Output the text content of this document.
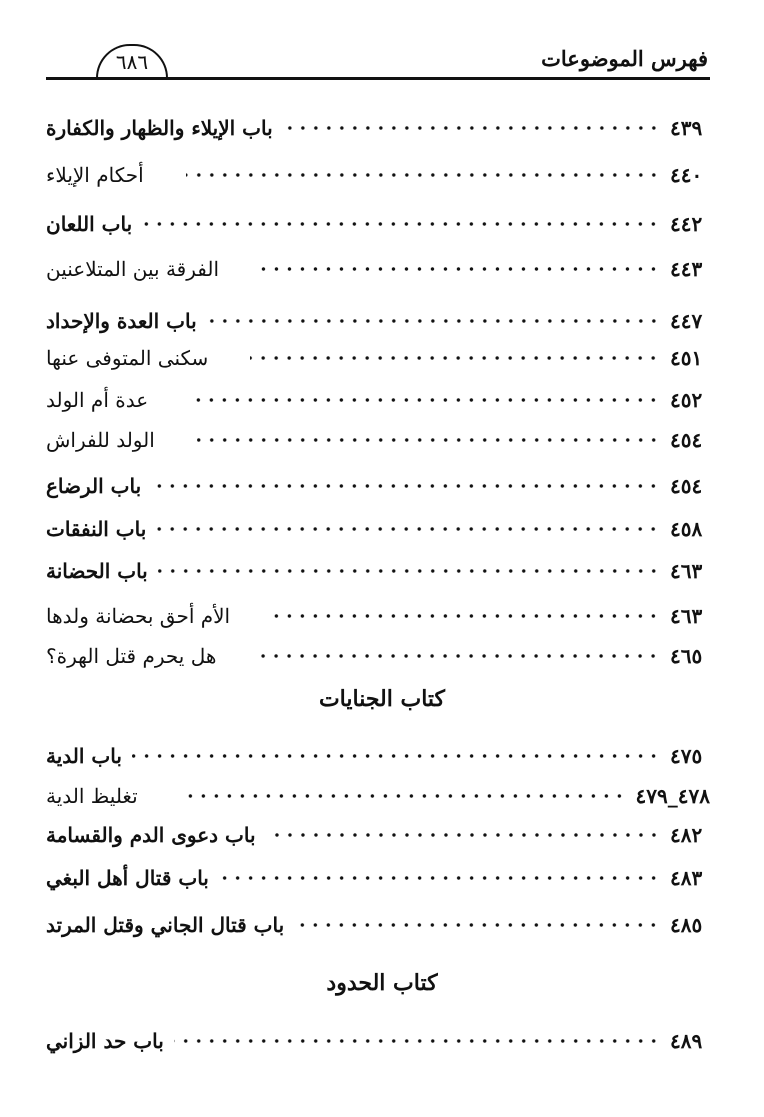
فهرس الموضوعات
٦٨٦
باب الإيلاء والظهار والكفارة	٤٣٩
أحكام الإيلاء	٤٤٠
باب اللعان	٤٤٢
الفرقة بين المتلاعنين	٤٤٣
باب العدة والإحداد	٤٤٧
سكنى المتوفى عنها	٤٥١
عدة أم الولد	٤٥٢
الولد للفراش	٤٥٤
باب الرضاع	٤٥٤
باب النفقات	٤٥٨
باب الحضانة	٤٦٣
الأم أحق بحضانة ولدها	٤٦٣
هل يحرم قتل الهرة؟	٤٦٥
كتاب الجنايات
باب الدية	٤٧٥
تغليظ الدية	٤٧٨_٤٧٩
باب دعوى الدم والقسامة	٤٨٢
باب قتال أهل البغي	٤٨٣
باب قتال الجاني وقتل المرتد	٤٨٥
كتاب الحدود
باب حد الزاني	٤٨٩
